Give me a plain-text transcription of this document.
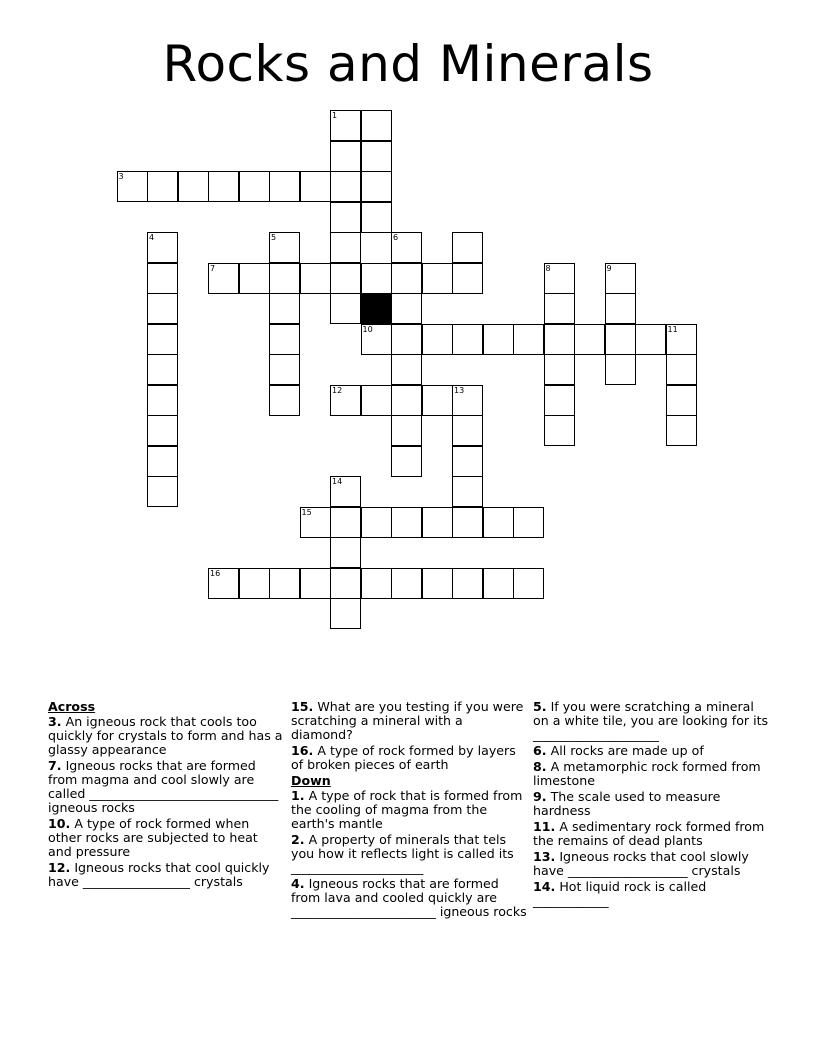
Rocks and Minerals
1
3
4	5	6
7	8	9
10	11
12	13
14
15
16
Across
3. An igneous rock that cools too quickly for crystals to form and has a glassy appearance
7. Igneous rocks that are formed from magma and cool slowly are called ______________________________ igneous rocks
10. A type of rock formed when other rocks are subjected to heat and pressure
12. Igneous rocks that cool quickly have _________________ crystals
15. What are you testing if you were scratching a mineral with a diamond?
16. A type of rock formed by layers of broken pieces of earth
Down
1. A type of rock that is formed from the cooling of magma from the earth's mantle
2. A property of minerals that tels you how it reflects light is called its _____________________
4. Igneous rocks that are formed from lava and cooled quickly are _______________________ igneous rocks
5. If you were scratching a mineral on a white tile, you are looking for its ____________________
6. All rocks are made up of
8. A metamorphic rock formed from limestone
9. The scale used to measure hardness
11. A sedimentary rock formed from the remains of dead plants
13. Igneous rocks that cool slowly have ___________________ crystals
14. Hot liquid rock is called ____________
